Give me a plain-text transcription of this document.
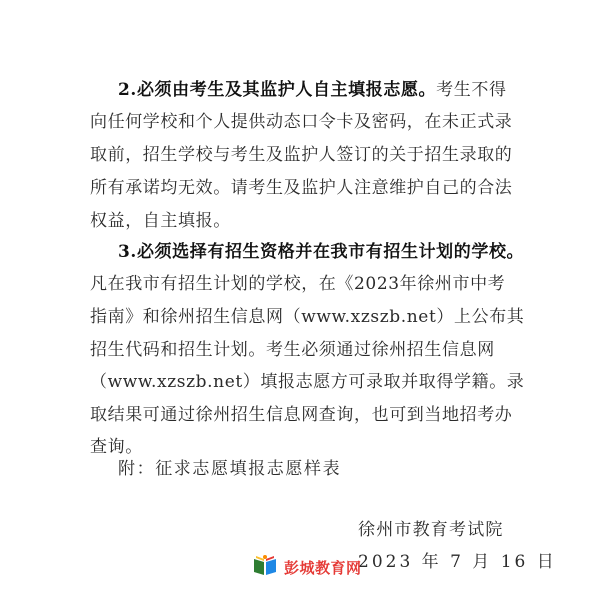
2.必须由考生及其监护人自主填报志愿。考生不得
向任何学校和个人提供动态口令卡及密码，在未正式录
取前，招生学校与考生及监护人签订的关于招生录取的
所有承诺均无效。请考生及监护人注意维护自己的合法
权益，自主填报。
3.必须选择有招生资格并在我市有招生计划的学校。
凡在我市有招生计划的学校，在《2023年徐州市中考
指南》和徐州招生信息网（www.xzszb.net）上公布其
招生代码和招生计划。考生必须通过徐州招生信息网
（www.xzszb.net）填报志愿方可录取并取得学籍。录
取结果可通过徐州招生信息网查询，也可到当地招考办
查询。
附：征求志愿填报志愿样表
徐州市教育考试院
2023 年 7 月 16 日
彭城教育网
